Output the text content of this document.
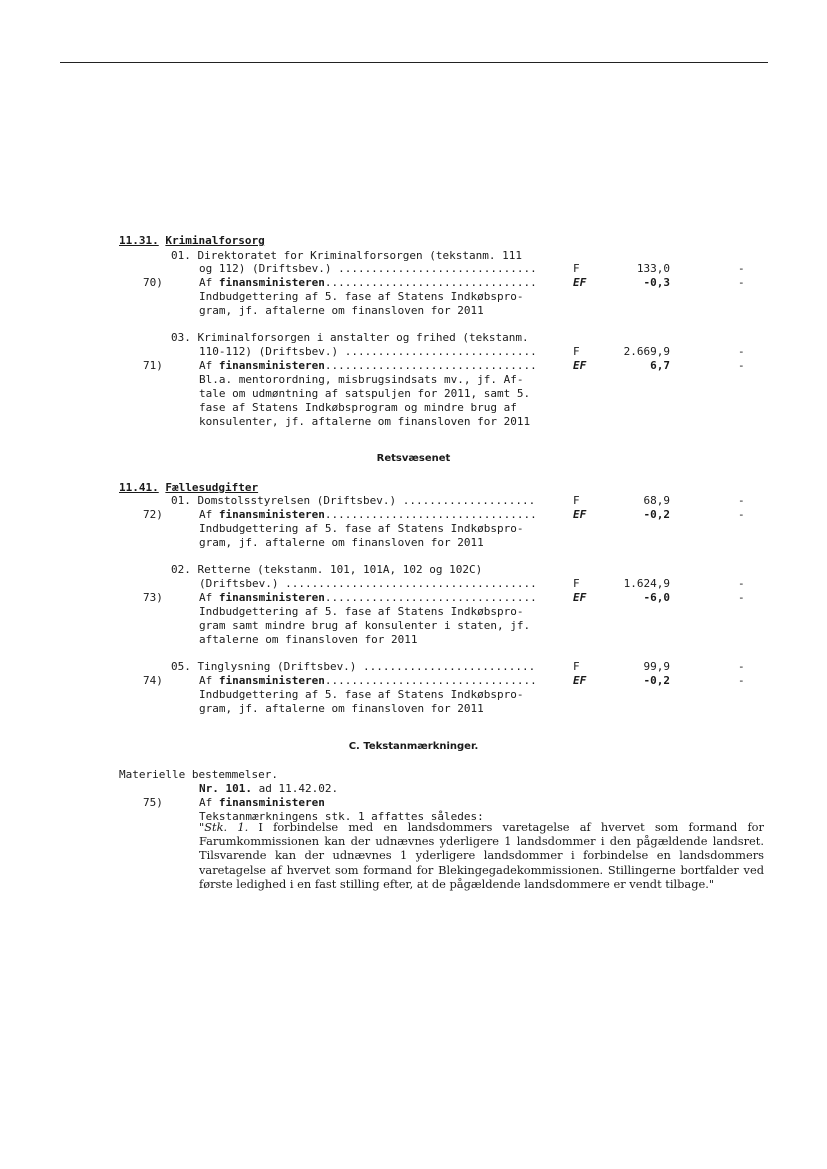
11.31. Kriminalforsorg
01. Direktoratet for Kriminalforsorgen (tekstanm. 111
og 112) (Driftsbev.) ..............................	F	133,0	-
70)	Af finansministeren................................	EF	-0,3	-
Indbudgettering af 5. fase af Statens Indkøbspro-
gram, jf. aftalerne om finansloven for 2011
03. Kriminalforsorgen i anstalter og frihed (tekstanm.
110-112) (Driftsbev.) .............................	F	2.669,9	-
71)	Af finansministeren................................	EF	6,7	-
Bl.a. mentorordning, misbrugsindsats mv., jf. Af-
tale om udmøntning af satspuljen for 2011, samt 5.
fase af Statens Indkøbsprogram og mindre brug af
konsulenter, jf. aftalerne om finansloven for 2011
Retsvæsenet
11.41. Fællesudgifter
01. Domstolsstyrelsen (Driftsbev.) ....................	F	68,9	-
72)	Af finansministeren................................	EF	-0,2	-
Indbudgettering af 5. fase af Statens Indkøbspro-
gram, jf. aftalerne om finansloven for 2011
02. Retterne (tekstanm. 101, 101A, 102 og 102C)
(Driftsbev.) ......................................	F	1.624,9	-
73)	Af finansministeren................................	EF	-6,0	-
Indbudgettering af 5. fase af Statens Indkøbspro-
gram samt mindre brug af konsulenter i staten, jf.
aftalerne om finansloven for 2011
05. Tinglysning (Driftsbev.) ..........................	F	99,9	-
74)	Af finansministeren................................	EF	-0,2	-
Indbudgettering af 5. fase af Statens Indkøbspro-
gram, jf. aftalerne om finansloven for 2011
C. Tekstanmærkninger.
Materielle bestemmelser.
Nr. 101. ad 11.42.02.
75)	Af finansministeren
Tekstanmærkningens stk. 1 affattes således:
"Stk. 1. I forbindelse med en landsdommers varetagelse af hvervet som formand for Farumkommissionen kan der udnævnes yderligere 1 landsdommer i den pågældende landsret. Tilsvarende kan der udnævnes 1 yderligere landsdommer i forbindelse en landsdommers varetagelse af hvervet som formand for Blekingegadekommissionen. Stillingerne bortfalder ved første ledighed i en fast stilling efter, at de pågældende landsdommere er vendt tilbage."
